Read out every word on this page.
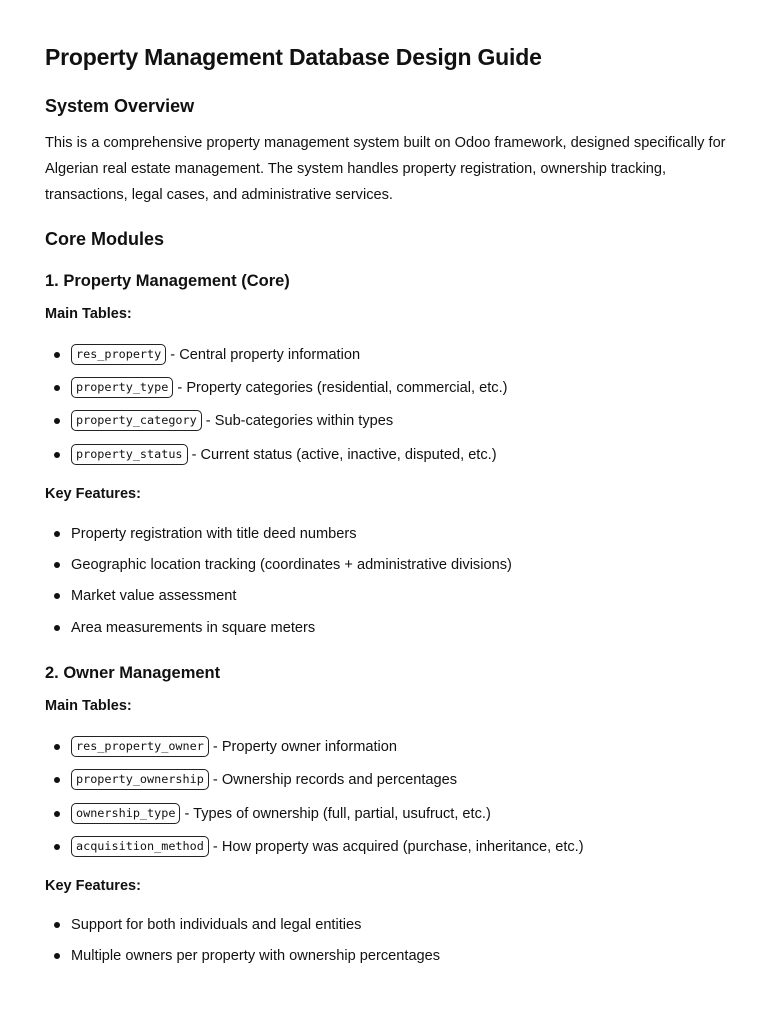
Property Management Database Design Guide
System Overview
This is a comprehensive property management system built on Odoo framework, designed specifically for
Algerian real estate management. The system handles property registration, ownership tracking,
transactions, legal cases, and administrative services.
Core Modules
1. Property Management (Core)
Main Tables:
res_property - Central property information
property_type - Property categories (residential, commercial, etc.)
property_category - Sub-categories within types
property_status - Current status (active, inactive, disputed, etc.)
Key Features:
Property registration with title deed numbers
Geographic location tracking (coordinates + administrative divisions)
Market value assessment
Area measurements in square meters
2. Owner Management
Main Tables:
res_property_owner - Property owner information
property_ownership - Ownership records and percentages
ownership_type - Types of ownership (full, partial, usufruct, etc.)
acquisition_method - How property was acquired (purchase, inheritance, etc.)
Key Features:
Support for both individuals and legal entities
Multiple owners per property with ownership percentages
